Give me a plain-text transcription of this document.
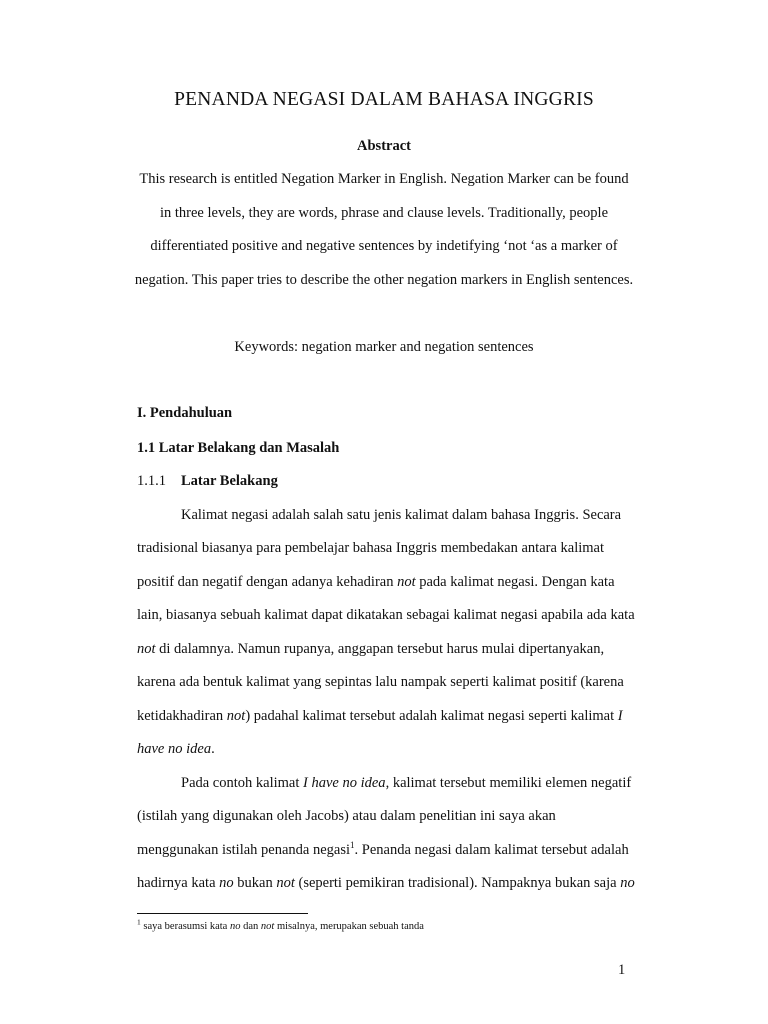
PENANDA NEGASI DALAM BAHASA INGGRIS
Abstract
This research is entitled Negation Marker in English. Negation Marker can be found
in three levels, they are words, phrase and clause levels. Traditionally, people
differentiated positive and negative sentences by indetifying ‘not ‘as a marker of
negation. This paper tries to describe the other negation markers in English sentences.
Keywords: negation marker and negation sentences
I. Pendahuluan
1.1 Latar Belakang dan Masalah
1.1.1 Latar Belakang
Kalimat negasi adalah salah satu jenis kalimat dalam bahasa Inggris. Secara
tradisional biasanya para pembelajar bahasa Inggris membedakan antara kalimat
positif dan negatif dengan adanya kehadiran not pada kalimat negasi. Dengan kata
lain, biasanya sebuah kalimat dapat dikatakan sebagai kalimat negasi apabila ada kata
not di dalamnya. Namun rupanya, anggapan tersebut harus mulai dipertanyakan,
karena ada bentuk kalimat yang sepintas lalu nampak seperti kalimat positif (karena
ketidakhadiran not) padahal kalimat tersebut adalah kalimat negasi seperti kalimat I
have no idea.
Pada contoh kalimat I have no idea, kalimat tersebut memiliki elemen negatif
(istilah yang digunakan oleh Jacobs) atau dalam penelitian ini saya akan
menggunakan istilah penanda negasi$^1$. Penanda negasi dalam kalimat tersebut adalah
hadirnya kata no bukan not (seperti pemikiran tradisional). Nampaknya bukan saja no
$^1$ saya berasumsi kata no dan not misalnya, merupakan sebuah tanda
1
